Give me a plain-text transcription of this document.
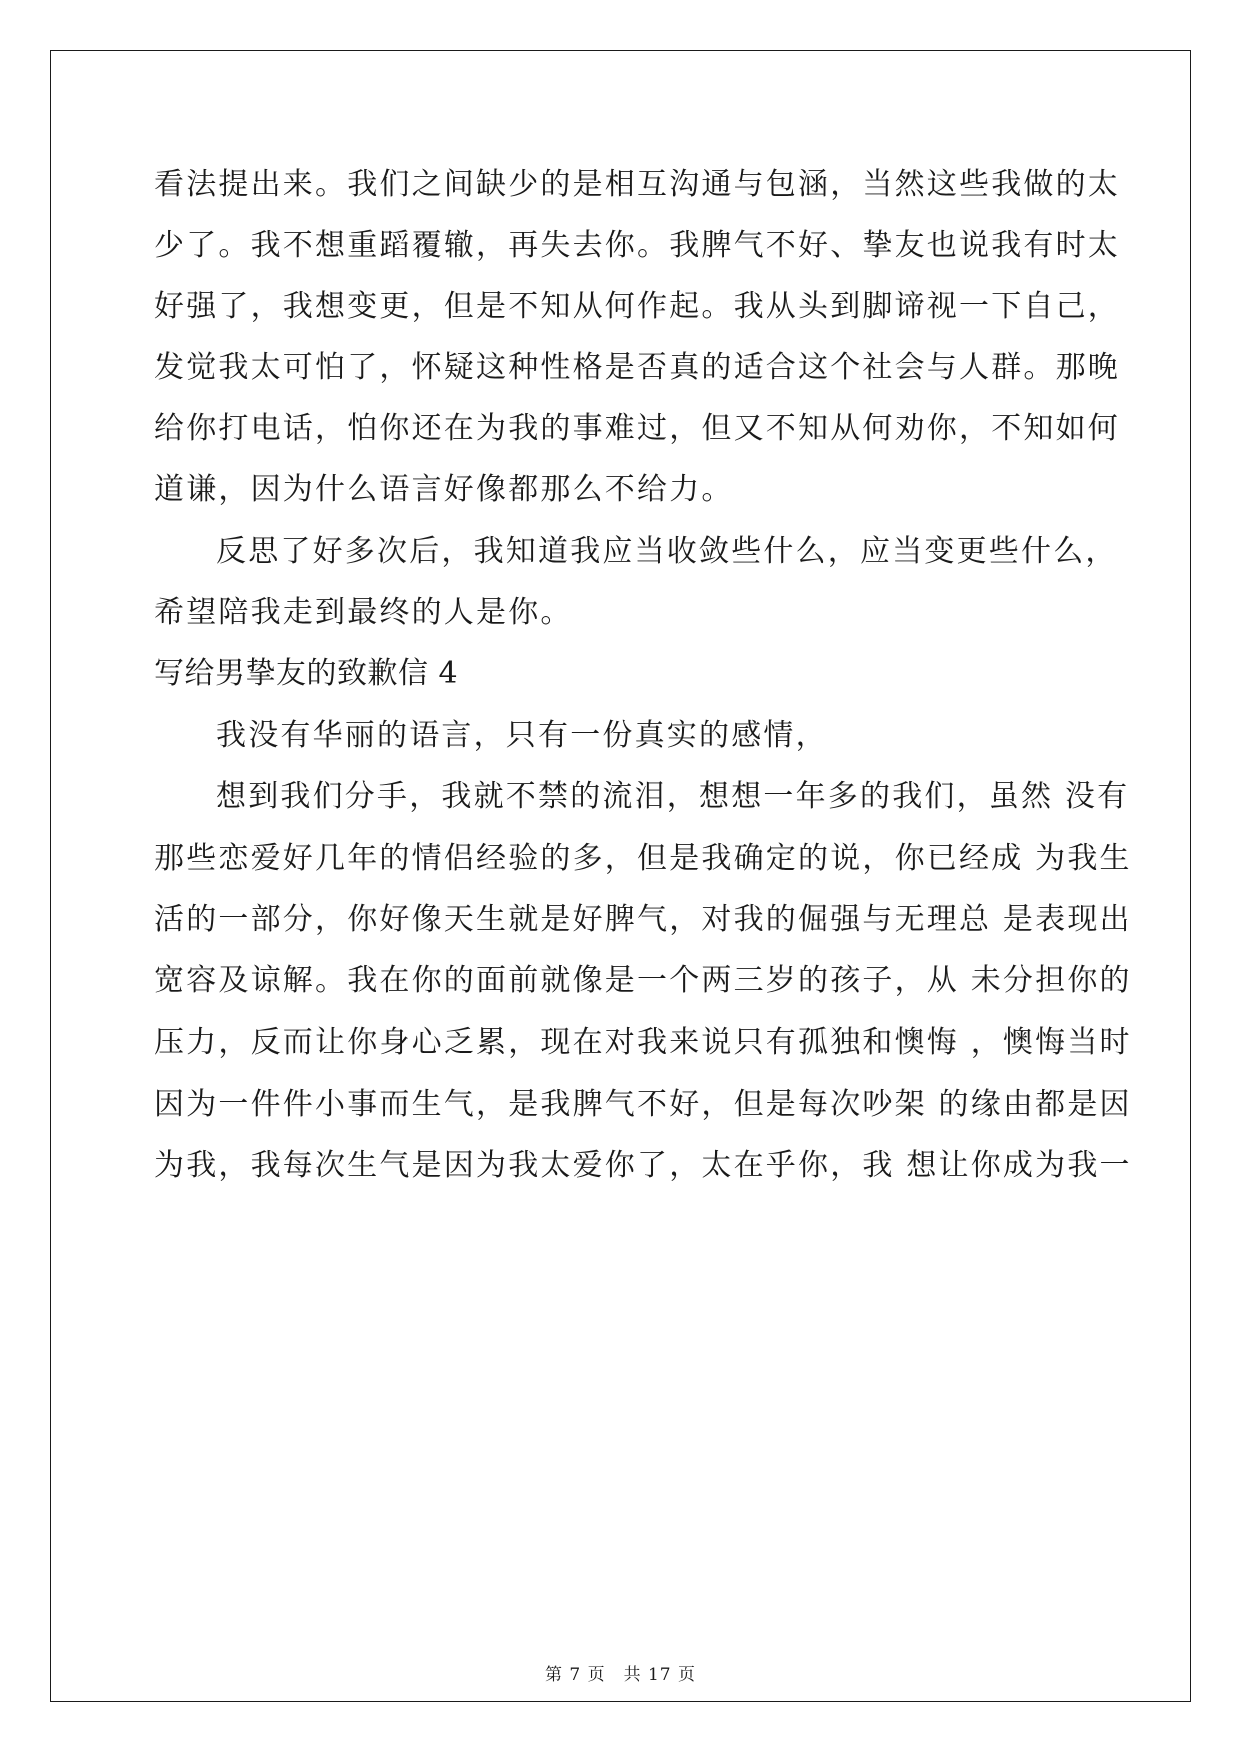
看法提出来。我们之间缺少的是相互沟通与包涵，当然这些我做的太
少了。我不想重蹈覆辙，再失去你。我脾气不好、挚友也说我有时太
好强了，我想变更，但是不知从何作起。我从头到脚谛视一下自己，
发觉我太可怕了，怀疑这种性格是否真的适合这个社会与人群。那晚
给你打电话，怕你还在为我的事难过，但又不知从何劝你，不知如何
道谦，因为什么语言好像都那么不给力。
反思了好多次后，我知道我应当收敛些什么，应当变更些什么，
希望陪我走到最终的人是你。
写给男挚友的致歉信 4
我没有华丽的语言，只有一份真实的感情，
想到我们分手，我就不禁的流泪，想想一年多的我们，虽然 没有
那些恋爱好几年的情侣经验的多，但是我确定的说，你已经成 为我生
活的一部分，你好像天生就是好脾气，对我的倔强与无理总 是表现出
宽容及谅解。我在你的面前就像是一个两三岁的孩子，从 未分担你的
压力，反而让你身心乏累，现在对我来说只有孤独和懊悔 ，懊悔当时
因为一件件小事而生气，是我脾气不好，但是每次吵架 的缘由都是因
为我，我每次生气是因为我太爱你了，太在乎你，我 想让你成为我一
第 7 页　共 17 页
